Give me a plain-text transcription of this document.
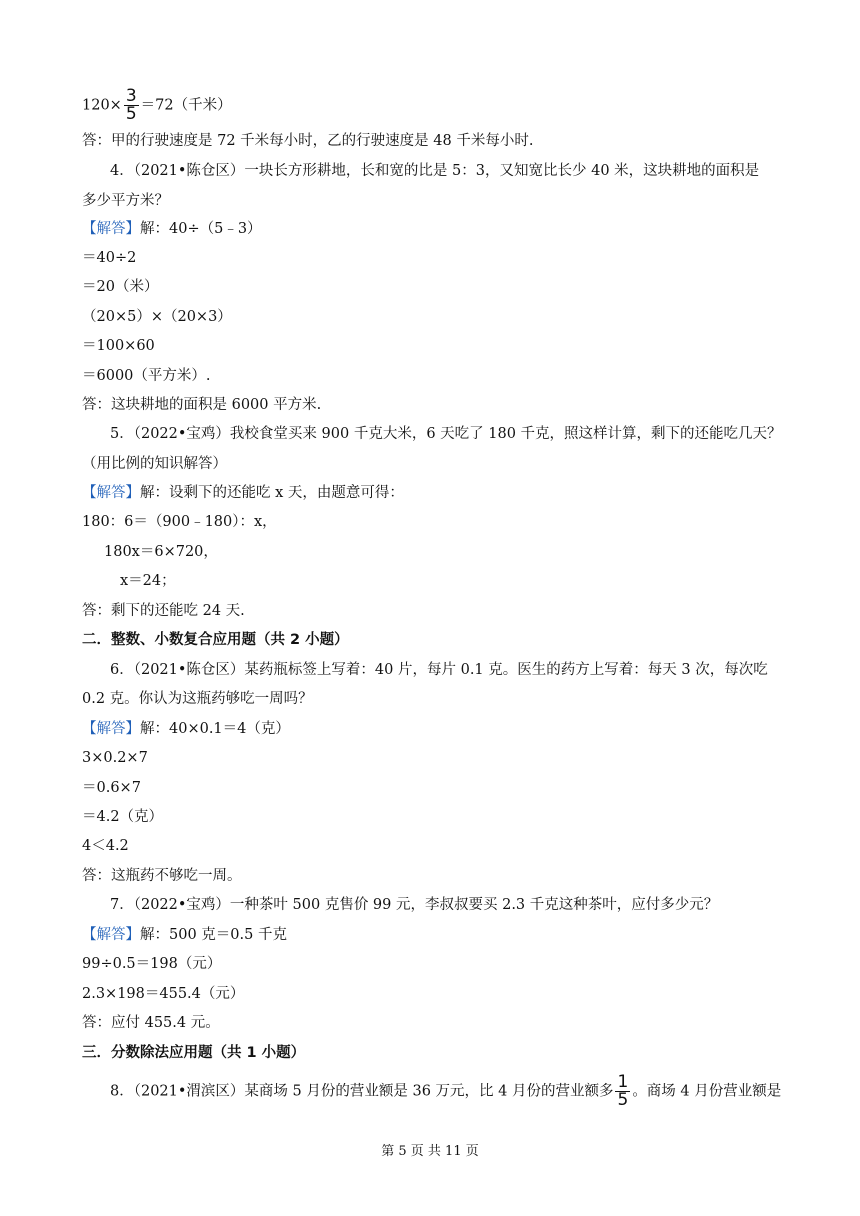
$120\times \frac{3}{5} =72$（千米）
答：甲的行驶速度是 72 千米每小时，乙的行驶速度是 48 千米每小时.
4．（2021•陈仓区）一块长方形耕地，长和宽的比是 5：3，又知宽比长少 40 米，这块耕地的面积是
多少平方米？
【解答】解：40÷（5﹣3）
＝40÷2
＝20（米）
（20×5）×（20×3）
＝100×60
＝6000（平方米）.
答：这块耕地的面积是 6000 平方米.
5．（2022•宝鸡）我校食堂买来 900 千克大米，6 天吃了 180 千克，照这样计算，剩下的还能吃几天？
（用比例的知识解答）
【解答】解：设剩下的还能吃 x 天，由题意可得：
180：6＝（900﹣180）：x，
180x＝6×720，
x＝24；
答：剩下的还能吃 24 天.
二．整数、小数复合应用题（共 2 小题）
6．（2021•陈仓区）某药瓶标签上写着：40 片，每片 0.1 克。医生的药方上写着：每天 3 次，每次吃
0.2 克。你认为这瓶药够吃一周吗？
【解答】解：40×0.1＝4（克）
3×0.2×7
＝0.6×7
＝4.2（克）
4＜4.2
答：这瓶药不够吃一周。
7．（2022•宝鸡）一种茶叶 500 克售价 99 元，李叔叔要买 2.3 千克这种茶叶，应付多少元？
【解答】解：500 克＝0.5 千克
99÷0.5＝198（元）
2.3×198＝455.4（元）
答：应付 455.4 元。
三．分数除法应用题（共 1 小题）
8．（2021•渭滨区）某商场 5 月份的营业额是 36 万元，比 4 月份的营业额多 $\frac{1}{5}$ 。商场 4 月份营业额是
第 5 页 共 11 页
